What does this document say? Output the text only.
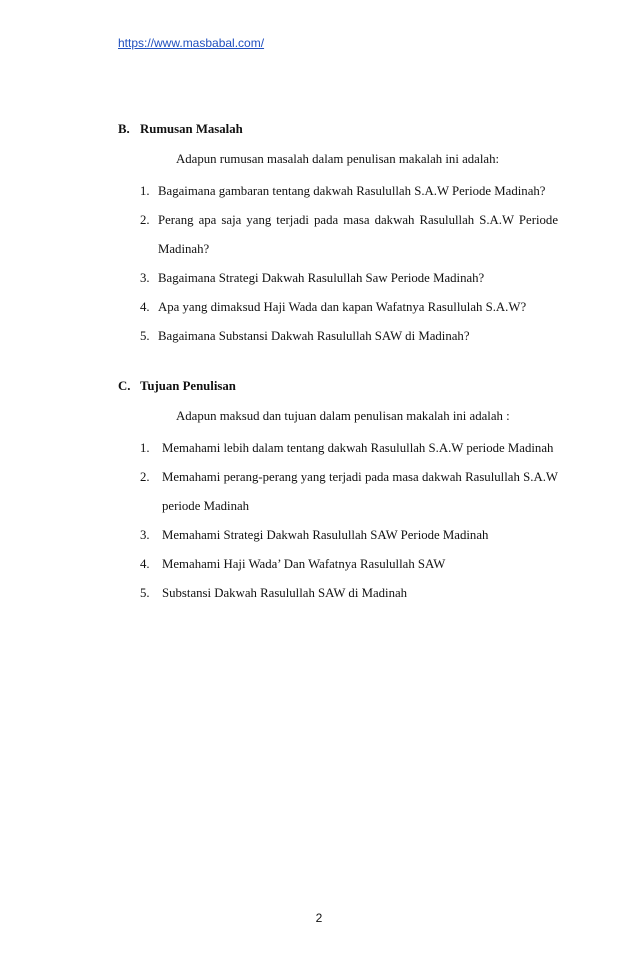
https://www.masbabal.com/
B. Rumusan Masalah
Adapun rumusan masalah dalam penulisan makalah ini adalah:
1. Bagaimana gambaran tentang dakwah Rasulullah S.A.W Periode Madinah?
2. Perang apa saja yang terjadi pada masa dakwah Rasulullah S.A.W Periode Madinah?
3. Bagaimana Strategi Dakwah Rasulullah Saw Periode Madinah?
4. Apa yang dimaksud Haji Wada dan kapan Wafatnya Rasullulah S.A.W?
5. Bagaimana Substansi Dakwah Rasulullah SAW di Madinah?
C. Tujuan Penulisan
Adapun maksud dan tujuan dalam penulisan makalah ini adalah :
1. Memahami lebih dalam tentang dakwah Rasulullah S.A.W periode Madinah
2. Memahami perang-perang yang terjadi pada masa dakwah Rasulullah S.A.W periode Madinah
3. Memahami Strategi Dakwah Rasulullah SAW Periode Madinah
4. Memahami Haji Wada’ Dan Wafatnya Rasulullah SAW
5. Substansi Dakwah Rasulullah SAW di Madinah
2
